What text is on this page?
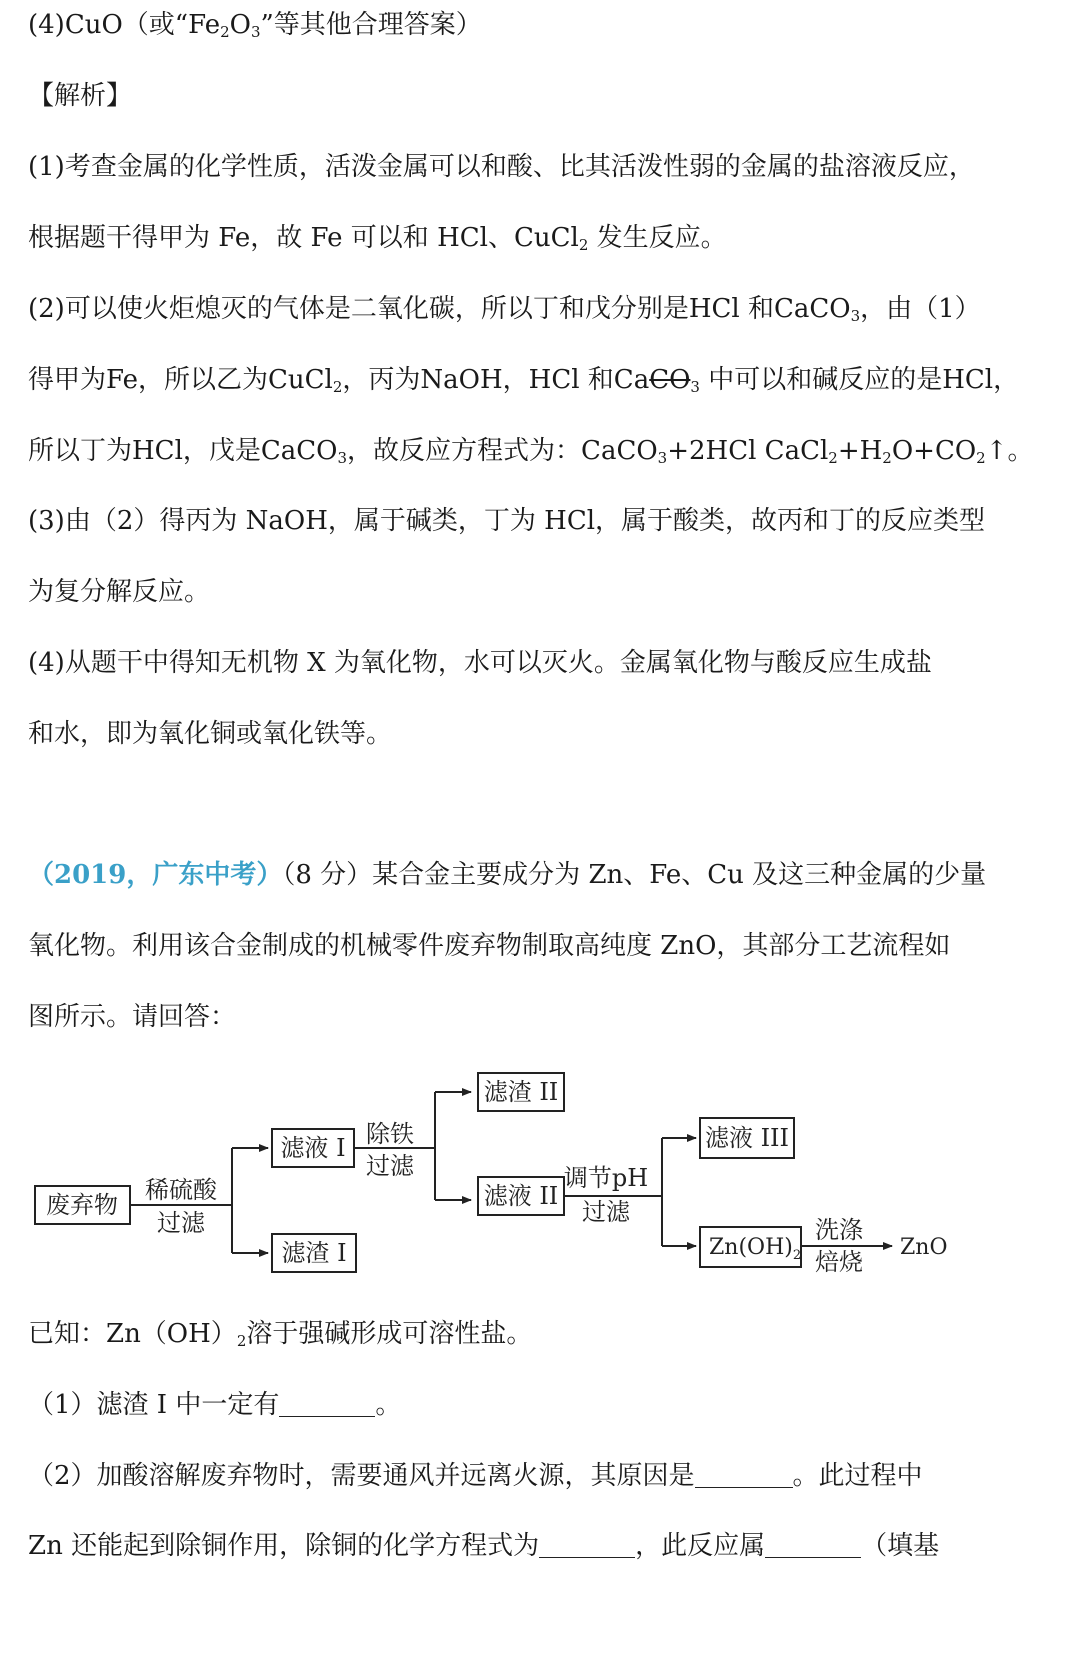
(4)CuO（或“$Fe_2O_3$”等其他合理答案）
【解析】
(1)考查金属的化学性质，活泼金属可以和酸、比其活泼性弱的金属的盐溶液反应，
根据题干得甲为 Fe，故 Fe 可以和 HCl、CuCl$_2$ 发生反应。
(2)可以使火炬熄灭的气体是二氧化碳，所以丁和戊分别是HCl 和CaCO$_3$，由（1）
得甲为Fe，所以乙为CuCl$_2$，丙为NaOH，HCl 和CaCO$_3$ 中可以和碱反应的是HCl，
所以丁为HCl，戊是CaCO$_3$，故反应方程式为：CaCO$_3$+2HCl $CaCl_2+H_2O+CO_2↑$。
(3)由（2）得丙为 NaOH，属于碱类，丁为 HCl，属于酸类，故丙和丁的反应类型
为复分解反应。
(4)从题干中得知无机物 X 为氧化物，水可以灭火。金属氧化物与酸反应生成盐
和水，即为氧化铜或氧化铁等。
（2019，广东中考）（8 分）某合金主要成分为 Zn、Fe、Cu 及这三种金属的少量
氧化物。利用该合金制成的机械零件废弃物制取高纯度 ZnO，其部分工艺流程如
图所示。请回答：
废弃物
稀硫酸
过滤
滤液 I
滤渣 I
除铁
过滤
滤渣 II
滤液 II
调节pH
过滤
滤液 III
$Zn(OH)_2$
洗涤
焙烧
ZnO
已知：$Zn(OH)_2$溶于强碱形成可溶性盐。
（1）滤渣 I 中一定有	。
（2）加酸溶解废弃物时，需要通风并远离火源，其原因是	。此过程中
Zn 还能起到除铜作用，除铜的化学方程式为	，此反应属	（填基
